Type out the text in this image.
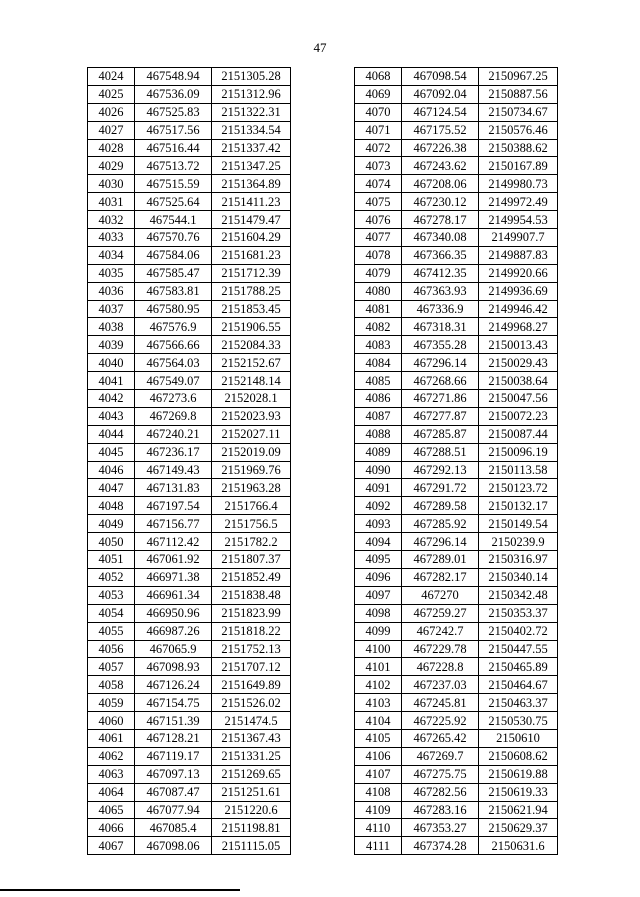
47
4024	467548.94	2151305.28
4025	467536.09	2151312.96
4026	467525.83	2151322.31
4027	467517.56	2151334.54
4028	467516.44	2151337.42
4029	467513.72	2151347.25
4030	467515.59	2151364.89
4031	467525.64	2151411.23
4032	467544.1	2151479.47
4033	467570.76	2151604.29
4034	467584.06	2151681.23
4035	467585.47	2151712.39
4036	467583.81	2151788.25
4037	467580.95	2151853.45
4038	467576.9	2151906.55
4039	467566.66	2152084.33
4040	467564.03	2152152.67
4041	467549.07	2152148.14
4042	467273.6	2152028.1
4043	467269.8	2152023.93
4044	467240.21	2152027.11
4045	467236.17	2152019.09
4046	467149.43	2151969.76
4047	467131.83	2151963.28
4048	467197.54	2151766.4
4049	467156.77	2151756.5
4050	467112.42	2151782.2
4051	467061.92	2151807.37
4052	466971.38	2151852.49
4053	466961.34	2151838.48
4054	466950.96	2151823.99
4055	466987.26	2151818.22
4056	467065.9	2151752.13
4057	467098.93	2151707.12
4058	467126.24	2151649.89
4059	467154.75	2151526.02
4060	467151.39	2151474.5
4061	467128.21	2151367.43
4062	467119.17	2151331.25
4063	467097.13	2151269.65
4064	467087.47	2151251.61
4065	467077.94	2151220.6
4066	467085.4	2151198.81
4067	467098.06	2151115.05
4068	467098.54	2150967.25
4069	467092.04	2150887.56
4070	467124.54	2150734.67
4071	467175.52	2150576.46
4072	467226.38	2150388.62
4073	467243.62	2150167.89
4074	467208.06	2149980.73
4075	467230.12	2149972.49
4076	467278.17	2149954.53
4077	467340.08	2149907.7
4078	467366.35	2149887.83
4079	467412.35	2149920.66
4080	467363.93	2149936.69
4081	467336.9	2149946.42
4082	467318.31	2149968.27
4083	467355.28	2150013.43
4084	467296.14	2150029.43
4085	467268.66	2150038.64
4086	467271.86	2150047.56
4087	467277.87	2150072.23
4088	467285.87	2150087.44
4089	467288.51	2150096.19
4090	467292.13	2150113.58
4091	467291.72	2150123.72
4092	467289.58	2150132.17
4093	467285.92	2150149.54
4094	467296.14	2150239.9
4095	467289.01	2150316.97
4096	467282.17	2150340.14
4097	467270	2150342.48
4098	467259.27	2150353.37
4099	467242.7	2150402.72
4100	467229.78	2150447.55
4101	467228.8	2150465.89
4102	467237.03	2150464.67
4103	467245.81	2150463.37
4104	467225.92	2150530.75
4105	467265.42	2150610
4106	467269.7	2150608.62
4107	467275.75	2150619.88
4108	467282.56	2150619.33
4109	467283.16	2150621.94
4110	467353.27	2150629.37
4111	467374.28	2150631.6
